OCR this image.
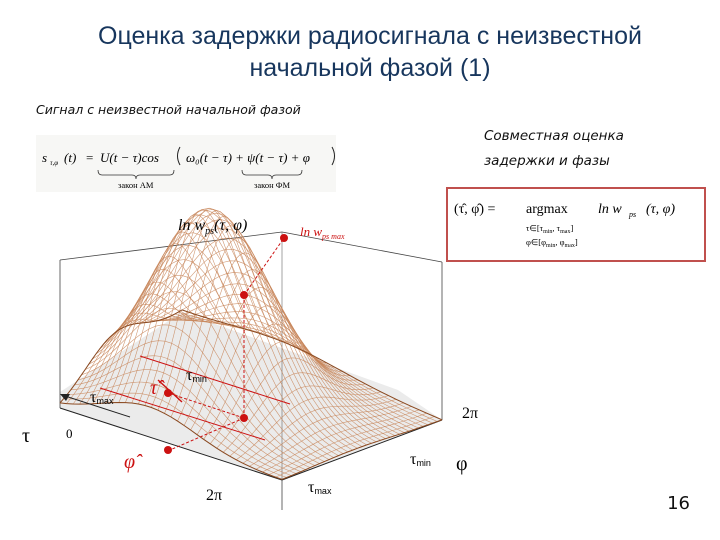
Оценка задержки радиосигнала с неизвестной
начальной фазой (1)
Сигнал с неизвестной начальной фазой
s τ,φ (t) = U(t − τ)cos ω₀(t − τ) + ψ(t − τ) + φ
закон АМ	закон ФМ
Совместная оценка
задержки и фазы
(τ̂, φ̂) = argmax ln w ps (τ, φ)
$\tau\in[\tau_{min}$, $\tau_{max}$]
$\varphi\in[\varphi_{min}$, $\varphi_{max}$]
$\ln w_{ps}(\tau$, φ)	$\ln w_{ps max}$
τ	0
2π
2π
φ
τmax
τmin
τ̂
φ̂	τmin
τmax
16
